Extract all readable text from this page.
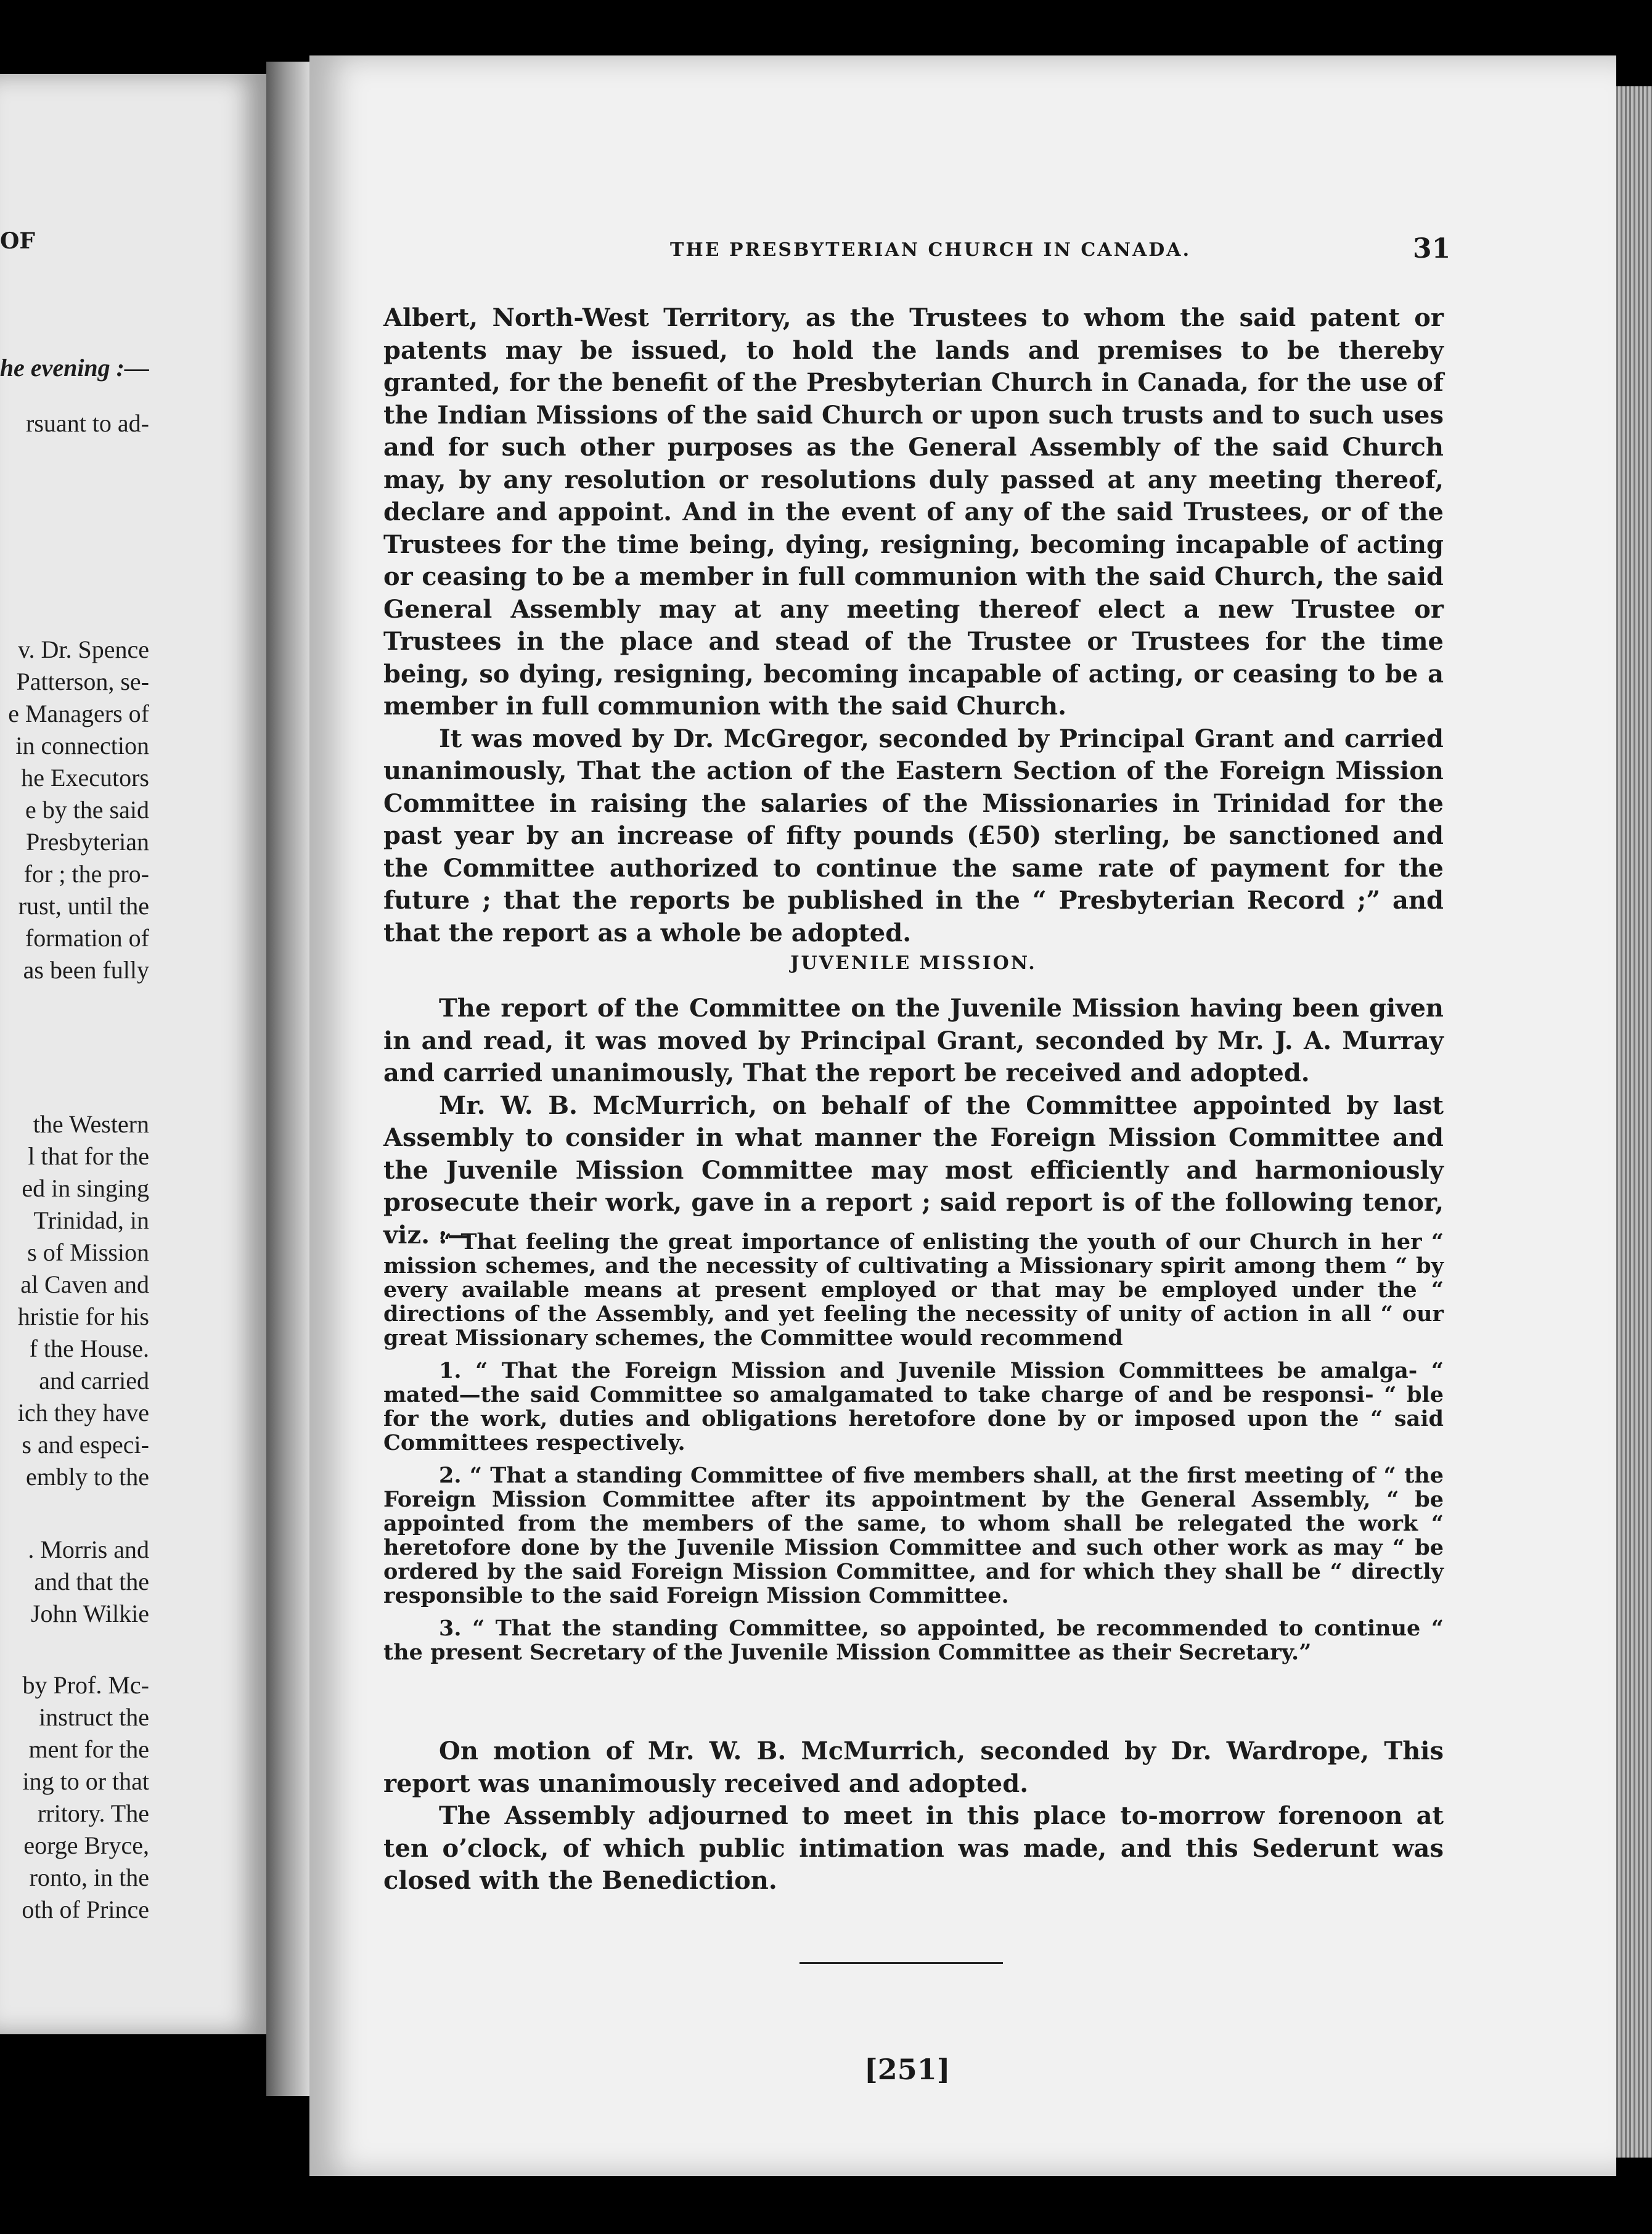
OF
he evening :—
rsuant to ad-
v. Dr. Spence
Patterson, se-
e Managers of
in connection
he Executors
e by the said
Presbyterian
for ; the pro-
rust, until the
formation of
as been fully
the Western
l that for the
ed in singing
Trinidad, in
s of Mission
al Caven and
hristie for his
f the House.
and carried
ich they have
s and especi-
embly to the
. Morris and
and that the
John Wilkie
by Prof. Mc-
instruct the
ment for the
ing to or that
rritory. The
eorge Bryce,
ronto, in the
oth of Prince
THE PRESBYTERIAN CHURCH IN CANADA.	31

Albert, North-West Territory, as the Trustees to whom the said patent or patents may be issued, to hold the lands and premises to be thereby granted, for the benefit of the Presbyterian Church in Canada, for the use of the Indian Missions of the said Church or upon such trusts and to such uses and for such other purposes as the General Assembly of the said Church may, by any resolution or resolutions duly passed at any meeting thereof, declare and appoint. And in the event of any of the said Trustees, or of the Trustees for the time being, dying, resigning, becoming incapable of acting or ceasing to be a member in full communion with the said Church, the said General Assembly may at any meeting thereof elect a new Trustee or Trustees in the place and stead of the Trustee or Trustees for the time being, so dying, resigning, becoming incapable of acting, or ceasing to be a member in full communion with the said Church.

It was moved by Dr. McGregor, seconded by Principal Grant and carried unanimously, That the action of the Eastern Section of the Foreign Mission Committee in raising the salaries of the Missionaries in Trinidad for the past year by an increase of fifty pounds (£50) sterling, be sanctioned and the Committee authorized to continue the same rate of payment for the future ; that the reports be published in the “ Presbyterian Record ;” and that the report as a whole be adopted.

JUVENILE MISSION.

The report of the Committee on the Juvenile Mission having been given in and read, it was moved by Principal Grant, seconded by Mr. J. A. Murray and carried unanimously, That the report be received and adopted.

Mr. W. B. McMurrich, on behalf of the Committee appointed by last Assembly to consider in what manner the Foreign Mission Committee and the Juvenile Mission Committee may most efficiently and harmoniously prosecute their work, gave in a report ; said report is of the following tenor, viz. :—

“ That feeling the great importance of enlisting the youth of our Church in her “ mission schemes, and the necessity of cultivating a Missionary spirit among them “ by every available means at present employed or that may be employed under the “ directions of the Assembly, and yet feeling the necessity of unity of action in all “ our great Missionary schemes, the Committee would recommend

1. “ That the Foreign Mission and Juvenile Mission Committees be amalga- “ mated—the said Committee so amalgamated to take charge of and be responsi- “ ble for the work, duties and obligations heretofore done by or imposed upon the “ said Committees respectively.

2. “ That a standing Committee of five members shall, at the first meeting of “ the Foreign Mission Committee after its appointment by the General Assembly, “ be appointed from the members of the same, to whom shall be relegated the work “ heretofore done by the Juvenile Mission Committee and such other work as may “ be ordered by the said Foreign Mission Committee, and for which they shall be “ directly responsible to the said Foreign Mission Committee.

3. “ That the standing Committee, so appointed, be recommended to continue “ the present Secretary of the Juvenile Mission Committee as their Secretary.”

On motion of Mr. W. B. McMurrich, seconded by Dr. Wardrope, This report was unanimously received and adopted.

The Assembly adjourned to meet in this place to-morrow forenoon at ten o’clock, of which public intimation was made, and this Sederunt was closed with the Benediction.

[251]
